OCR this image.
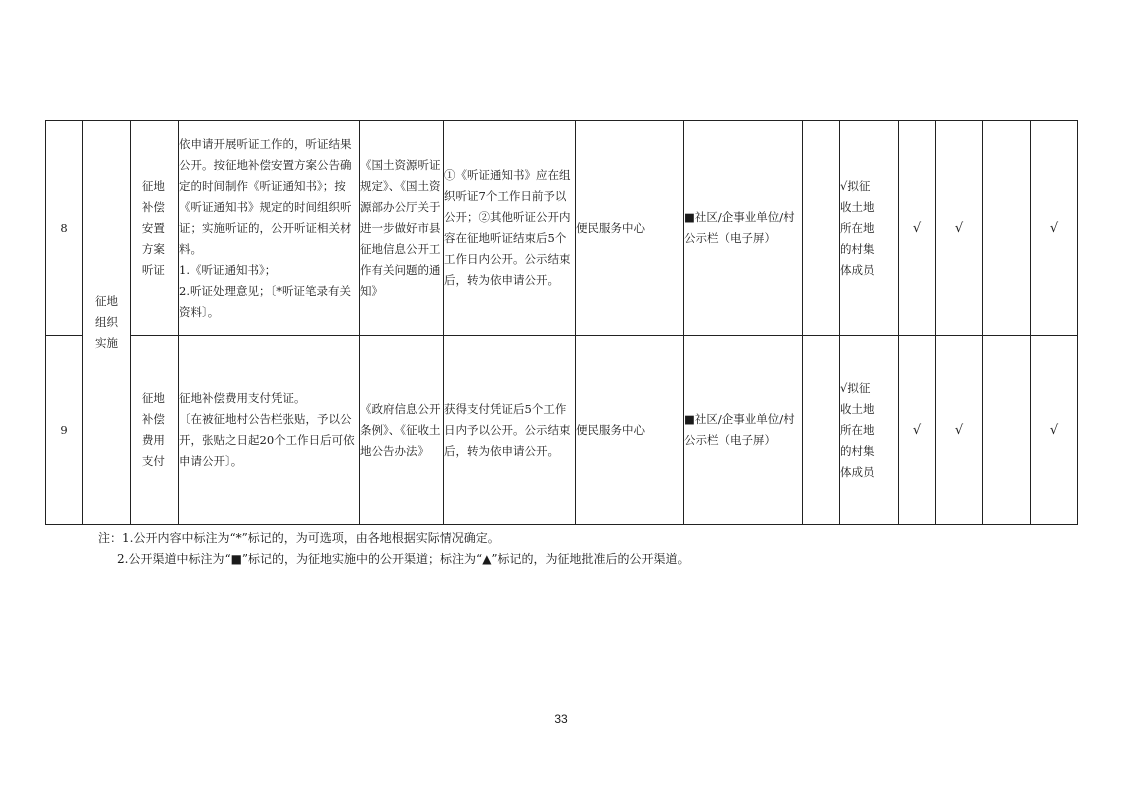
8	征地组织实施	征地
补偿
安置
方案
听证	依申请开展听证工作的，听证结果公开。按征地补偿安置方案公告确定的时间制作《听证通知书》；按《听证通知书》规定的时间组织听证；实施听证的，公开听证相关材料。
1.《听证通知书》；
2.听证处理意见；〔*听证笔录有关资料〕。	《国土资源听证规定》、《国土资源部办公厅关于进一步做好市县征地信息公开工作有关问题的通知》	①《听证通知书》应在组织听证7个工作日前予以公开；②其他听证公开内容在征地听证结束后5个工作日内公开。公示结束后，转为依申请公开。	便民服务中心	■社区/企事业单位/村公示栏（电子屏）		√拟征
收土地
所在地
的村集
体成员	√	√		√
9		征地
补偿
费用
支付	征地补偿费用支付凭证。
〔在被征地村公告栏张贴，予以公开，张贴之日起20个工作日后可依申请公开〕。	《政府信息公开条例》、《征收土地公告办法》	获得支付凭证后5个工作日内予以公开。公示结束后，转为依申请公开。	便民服务中心	■社区/企事业单位/村公示栏（电子屏）		√拟征
收土地
所在地
的村集
体成员	√	√		√
注：1.公开内容中标注为“*”标记的，为可选项，由各地根据实际情况确定。
2.公开渠道中标注为“■”标记的，为征地实施中的公开渠道；标注为“▲”标记的，为征地批准后的公开渠道。
33
